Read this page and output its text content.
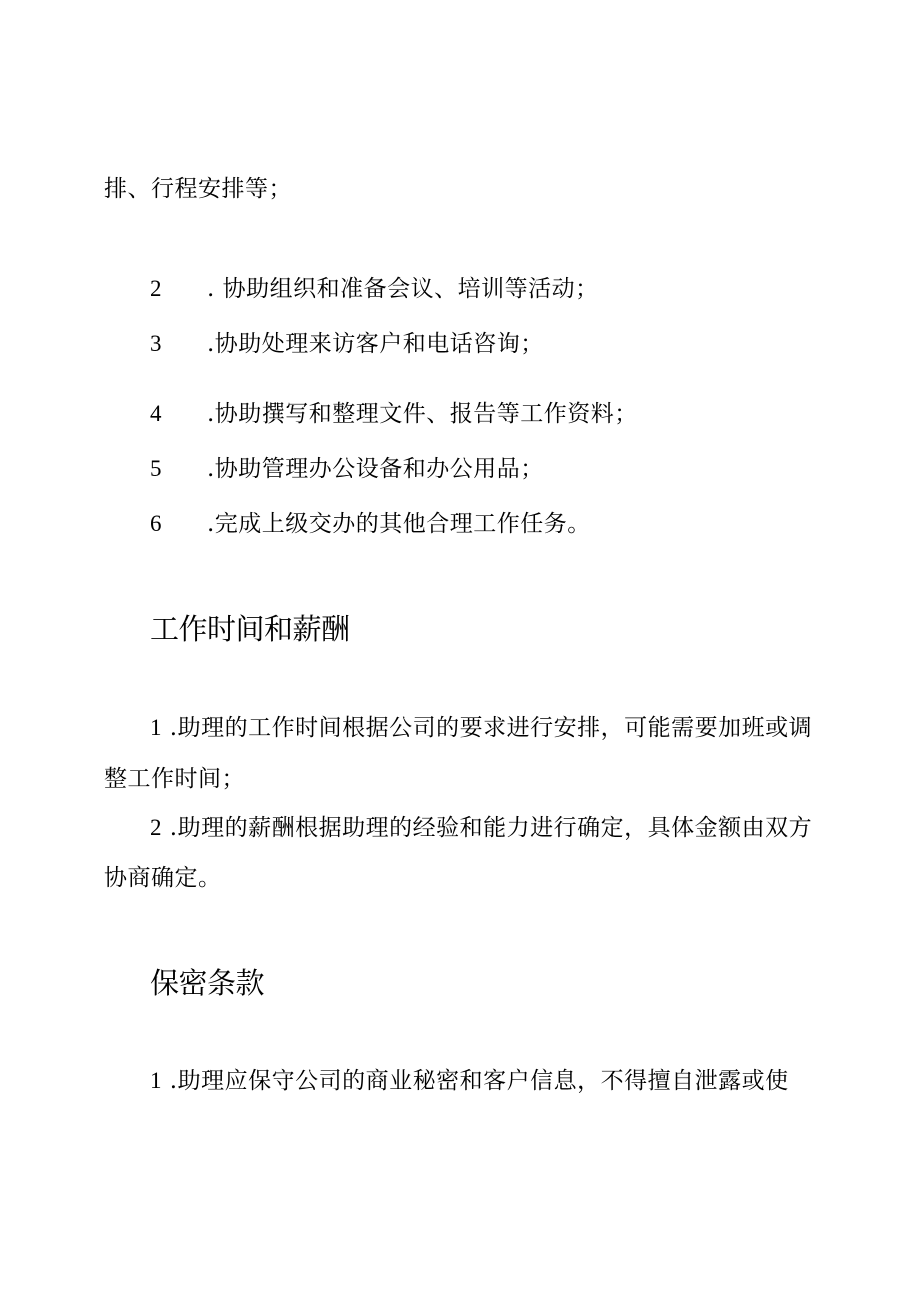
排、行程安排等；
2 . 协助组织和准备会议、培训等活动；
3 .协助处理来访客户和电话咨询；
4 .协助撰写和整理文件、报告等工作资料；
5 .协助管理办公设备和办公用品；
6 .完成上级交办的其他合理工作任务。
工作时间和薪酬
1 .助理的工作时间根据公司的要求进行安排，可能需要加班或调
整工作时间；
2 .助理的薪酬根据助理的经验和能力进行确定，具体金额由双方
协商确定。
保密条款
1 .助理应保守公司的商业秘密和客户信息，不得擅自泄露或使
